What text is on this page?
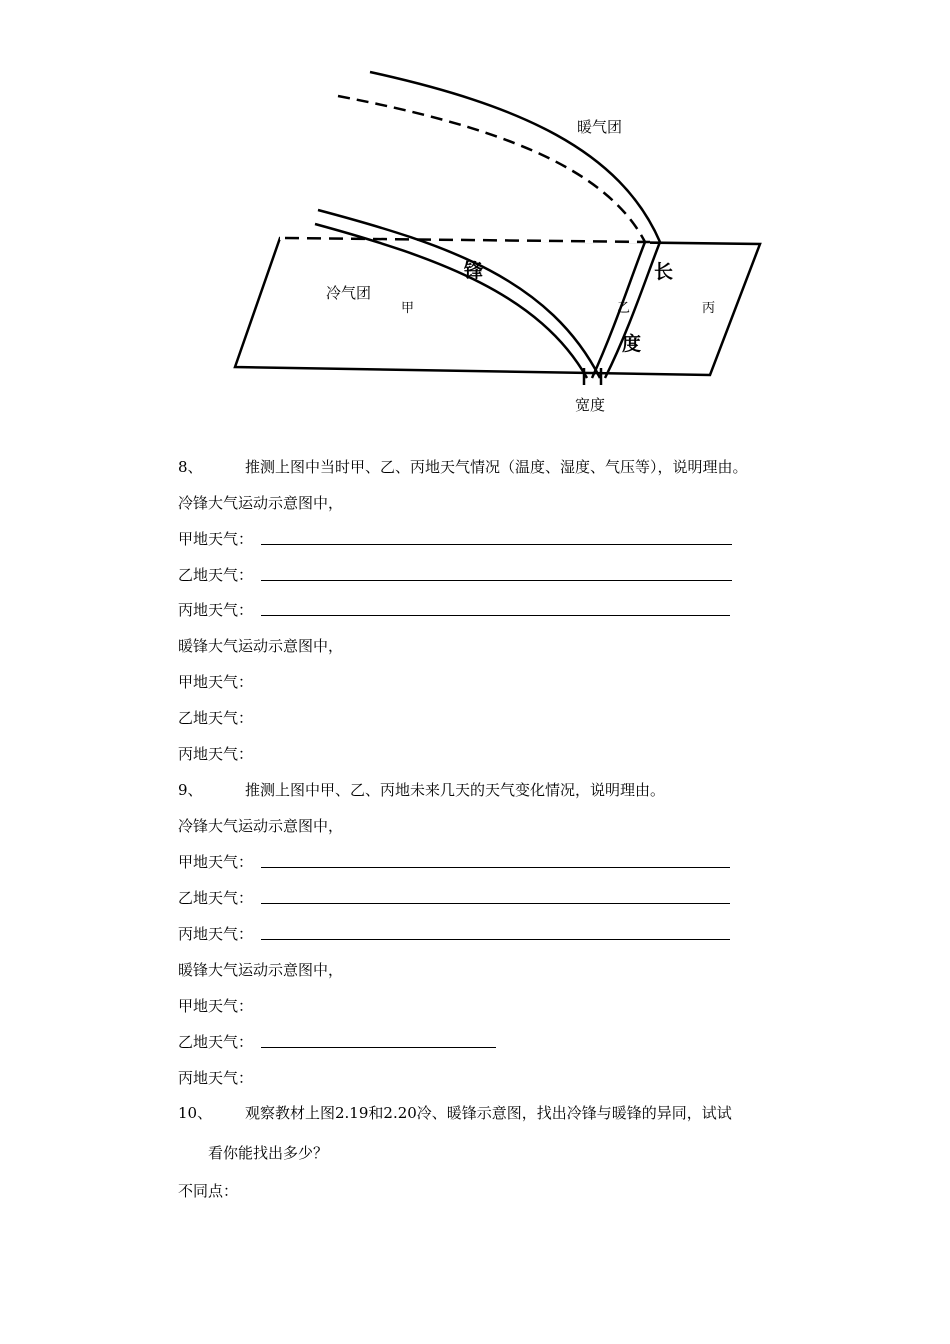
暖气团
冷气团
锋	长
度
宽度
甲	乙	丙
8、	推测上图中当时甲、乙、丙地天气情况（温度、湿度、气压等），说明理由。
冷锋大气运动示意图中，
甲地天气：
乙地天气：
丙地天气：
暖锋大气运动示意图中，
甲地天气：
乙地天气：
丙地天气：
9、	推测上图中甲、乙、丙地未来几天的天气变化情况，说明理由。
冷锋大气运动示意图中，
甲地天气：
乙地天气：
丙地天气：
暖锋大气运动示意图中，
甲地天气：
乙地天气：
丙地天气：
10、 观察教材上图2.19和2.20冷、暖锋示意图，找出冷锋与暖锋的异同，试试
看你能找出多少？
不同点：
